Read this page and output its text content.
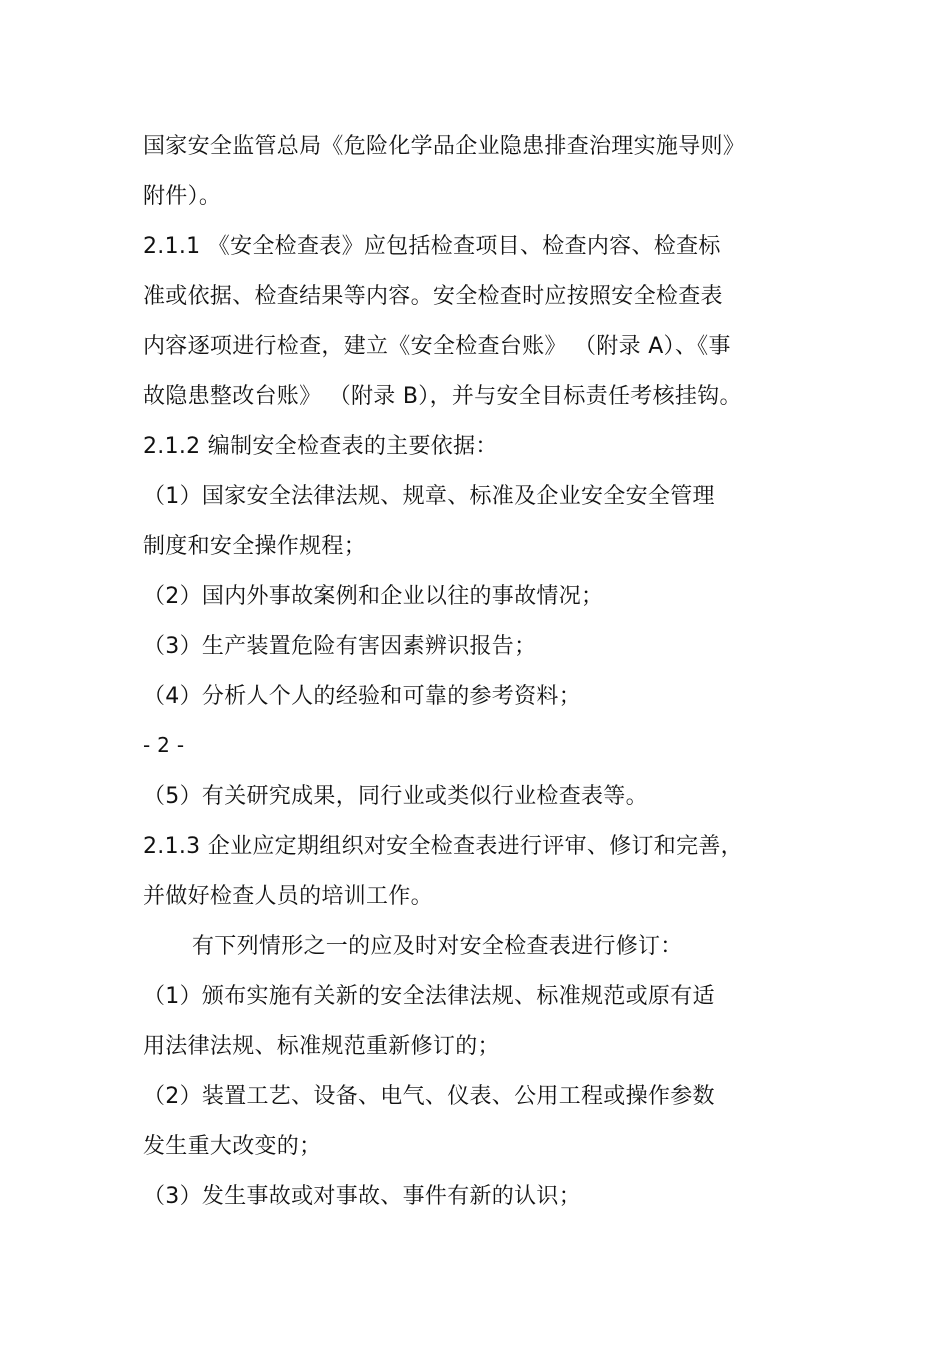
国家安全监管总局《危险化学品企业隐患排查治理实施导则》
附件）。
2.1.1 《安全检查表》应包括检查项目、检查内容、检查标
准或依据、检查结果等内容。安全检查时应按照安全检查表
内容逐项进行检查，建立《安全检查台账》 （附录 A）、《事
故隐患整改台账》 （附录 B），并与安全目标责任考核挂钩。
2.1.2 编制安全检查表的主要依据：
（1）国家安全法律法规、规章、标准及企业安全安全管理
制度和安全操作规程；
（2）国内外事故案例和企业以往的事故情况；
（3）生产装置危险有害因素辨识报告；
（4）分析人个人的经验和可靠的参考资料；
- 2 -
（5）有关研究成果，同行业或类似行业检查表等。
2.1.3 企业应定期组织对安全检查表进行评审、修订和完善，
并做好检查人员的培训工作。
有下列情形之一的应及时对安全检查表进行修订：
（1）颁布实施有关新的安全法律法规、标准规范或原有适
用法律法规、标准规范重新修订的；
（2）装置工艺、设备、电气、仪表、公用工程或操作参数
发生重大改变的；
（3）发生事故或对事故、事件有新的认识；
